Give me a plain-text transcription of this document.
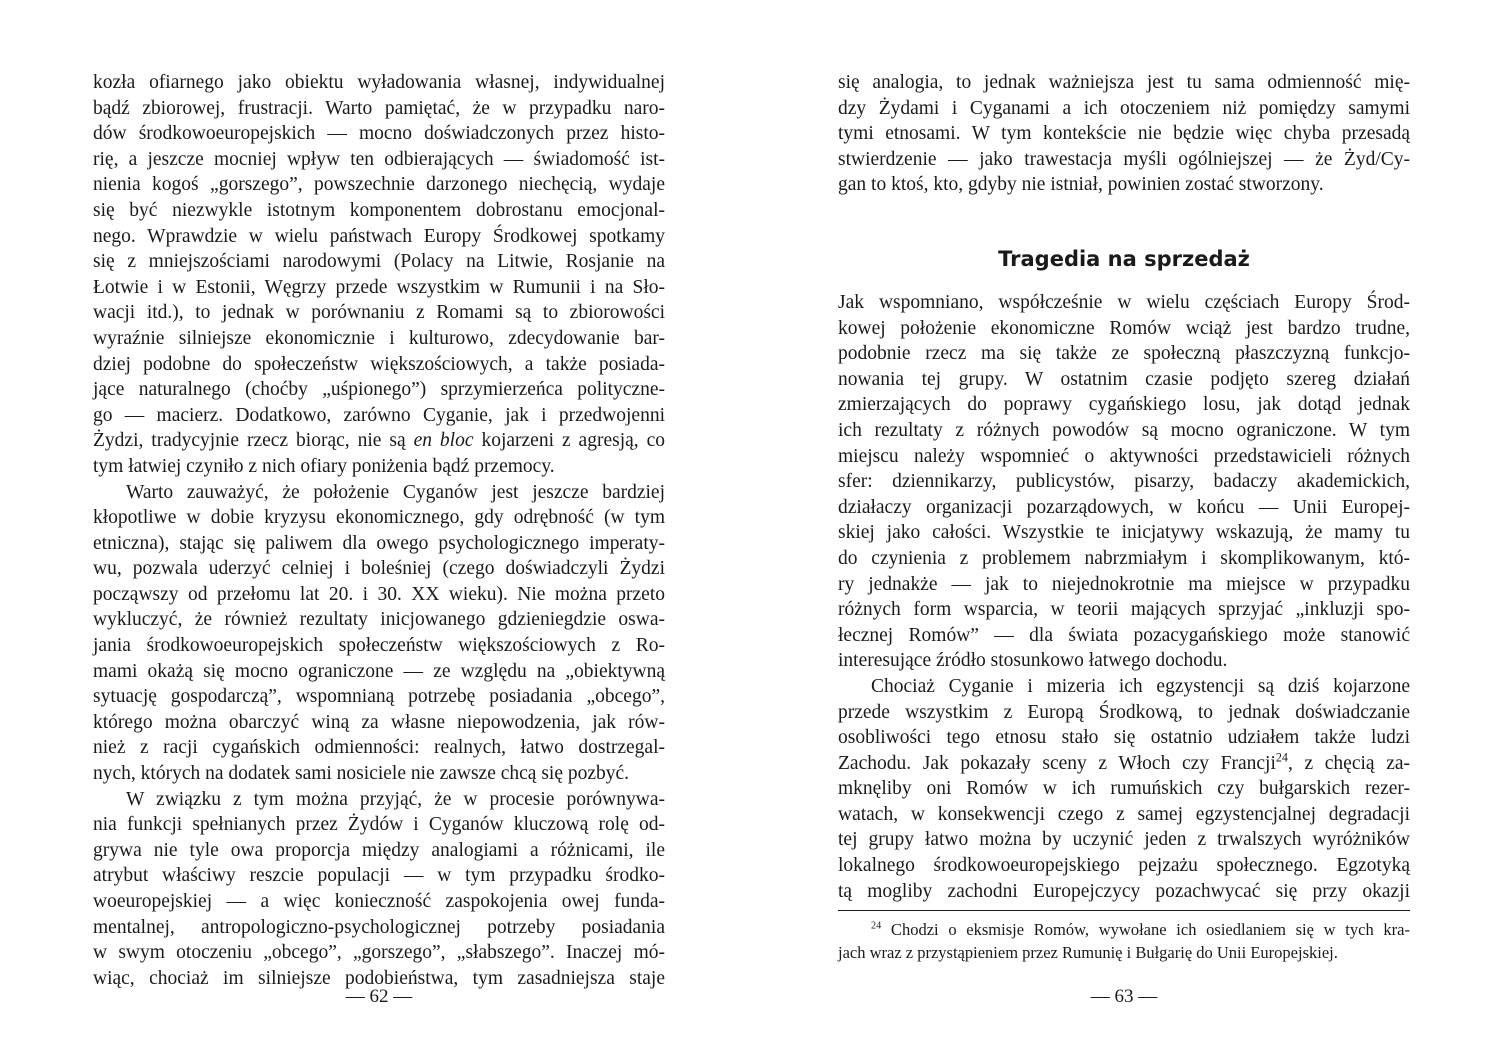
kozła ofiarnego jako obiektu wyładowania własnej, indywidualnej
bądź zbiorowej, frustracji. Warto pamiętać, że w przypadku naro-
dów środkowoeuropejskich — mocno doświadczonych przez histo-
rię, a jeszcze mocniej wpływ ten odbierających — świadomość ist-
nienia kogoś „gorszego”, powszechnie darzonego niechęcią, wydaje
się być niezwykle istotnym komponentem dobrostanu emocjonal-
nego. Wprawdzie w wielu państwach Europy Środkowej spotkamy
się z mniejszościami narodowymi (Polacy na Litwie, Rosjanie na
Łotwie i w Estonii, Węgrzy przede wszystkim w Rumunii i na Sło-
wacji itd.), to jednak w porównaniu z Romami są to zbiorowości
wyraźnie silniejsze ekonomicznie i kulturowo, zdecydowanie bar-
dziej podobne do społeczeństw większościowych, a także posiada-
jące naturalnego (choćby „uśpionego”) sprzymierzeńca polityczne-
go — macierz. Dodatkowo, zarówno Cyganie, jak i przedwojenni
Żydzi, tradycyjnie rzecz biorąc, nie są en bloc kojarzeni z agresją, co
tym łatwiej czyniło z nich ofiary poniżenia bądź przemocy.
Warto zauważyć, że położenie Cyganów jest jeszcze bardziej
kłopotliwe w dobie kryzysu ekonomicznego, gdy odrębność (w tym
etniczna), stając się paliwem dla owego psychologicznego imperaty-
wu, pozwala uderzyć celniej i boleśniej (czego doświadczyli Żydzi
począwszy od przełomu lat 20. i 30. XX wieku). Nie można przeto
wykluczyć, że również rezultaty inicjowanego gdzieniegdzie oswa-
jania środkowoeuropejskich społeczeństw większościowych z Ro-
mami okażą się mocno ograniczone — ze względu na „obiektywną
sytuację gospodarczą”, wspomnianą potrzebę posiadania „obcego”,
którego można obarczyć winą za własne niepowodzenia, jak rów-
nież z racji cygańskich odmienności: realnych, łatwo dostrzegal-
nych, których na dodatek sami nosiciele nie zawsze chcą się pozbyć.
W związku z tym można przyjąć, że w procesie porównywa-
nia funkcji spełnianych przez Żydów i Cyganów kluczową rolę od-
grywa nie tyle owa proporcja między analogiami a różnicami, ile
atrybut właściwy reszcie populacji — w tym przypadku środko-
woeuropejskiej — a więc konieczność zaspokojenia owej funda-
mentalnej, antropologiczno-psychologicznej potrzeby posiadania
w swym otoczeniu „obcego”, „gorszego”, „słabszego”. Inaczej mó-
wiąc, chociaż im silniejsze podobieństwa, tym zasadniejsza staje
— 62 —
się analogia, to jednak ważniejsza jest tu sama odmienność mię-
dzy Żydami i Cyganami a ich otoczeniem niż pomiędzy samymi
tymi etnosami. W tym kontekście nie będzie więc chyba przesadą
stwierdzenie — jako trawestacja myśli ogólniejszej — że Żyd/Cy-
gan to ktoś, kto, gdyby nie istniał, powinien zostać stworzony.
Tragedia na sprzedaż
Jak wspomniano, współcześnie w wielu częściach Europy Środ-
kowej położenie ekonomiczne Romów wciąż jest bardzo trudne,
podobnie rzecz ma się także ze społeczną płaszczyzną funkcjo-
nowania tej grupy. W ostatnim czasie podjęto szereg działań
zmierzających do poprawy cygańskiego losu, jak dotąd jednak
ich rezultaty z różnych powodów są mocno ograniczone. W tym
miejscu należy wspomnieć o aktywności przedstawicieli różnych
sfer: dziennikarzy, publicystów, pisarzy, badaczy akademickich,
działaczy organizacji pozarządowych, w końcu — Unii Europej-
skiej jako całości. Wszystkie te inicjatywy wskazują, że mamy tu
do czynienia z problemem nabrzmiałym i skomplikowanym, któ-
ry jednakże — jak to niejednokrotnie ma miejsce w przypadku
różnych form wsparcia, w teorii mających sprzyjać „inkluzji spo-
łecznej Romów” — dla świata pozacygańskiego może stanowić
interesujące źródło stosunkowo łatwego dochodu.
Chociaż Cyganie i mizeria ich egzystencji są dziś kojarzone
przede wszystkim z Europą Środkową, to jednak doświadczanie
osobliwości tego etnosu stało się ostatnio udziałem także ludzi
Zachodu. Jak pokazały sceny z Włoch czy Francji$^{24}$, z chęcią za-
mknęliby oni Romów w ich rumuńskich czy bułgarskich rezer-
watach, w konsekwencji czego z samej egzystencjalnej degradacji
tej grupy łatwo można by uczynić jeden z trwalszych wyróżników
lokalnego środkowoeuropejskiego pejzażu społecznego. Egzotyką
tą mogliby zachodni Europejczycy pozachwycać się przy okazji
$^{24}$ Chodzi o eksmisje Romów, wywołane ich osiedlaniem się w tych kra-
jach wraz z przystąpieniem przez Rumunię i Bułgarię do Unii Europejskiej.
— 63 —
